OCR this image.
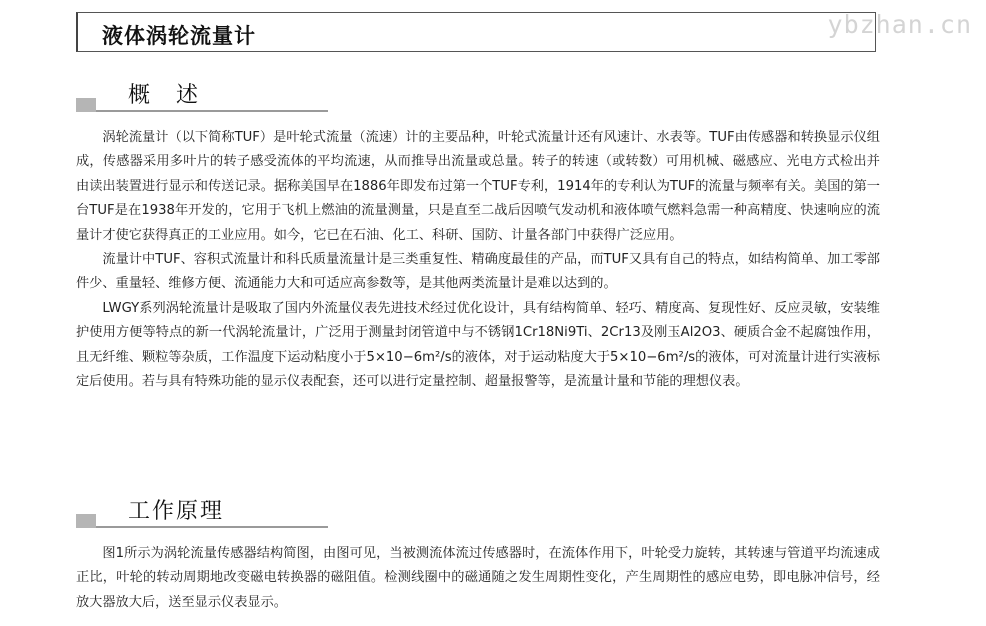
液体涡轮流量计	ybzhan.cn
概　述

涡轮流量计（以下简称TUF）是叶轮式流量（流速）计的主要品种，叶轮式流量计还有风速计、水表等。TUF由传感器和转换显示仪组成，传感器采用多叶片的转子感受流体的平均流速，从而推导出流量或总量。转子的转速（或转数）可用机械、磁感应、光电方式检出并由读出装置进行显示和传送记录。据称美国早在1886年即发布过第一个TUF专利，1914年的专利认为TUF的流量与频率有关。美国的第一台TUF是在1938年开发的，它用于飞机上燃油的流量测量，只是直至二战后因喷气发动机和液体喷气燃料急需一种高精度、快速响应的流量计才使它获得真正的工业应用。如今，它已在石油、化工、科研、国防、计量各部门中获得广泛应用。

流量计中TUF、容积式流量计和科氏质量流量计是三类重复性、精确度最佳的产品，而TUF又具有自己的特点，如结构简单、加工零部件少、重量轻、维修方便、流通能力大和可适应高参数等，是其他两类流量计是难以达到的。

LWGY系列涡轮流量计是吸取了国内外流量仪表先进技术经过优化设计，具有结构简单、轻巧、精度高、复现性好、反应灵敏，安装维护使用方便等特点的新一代涡轮流量计，广泛用于测量封闭管道中与不锈钢1Cr18Ni9Ti、2Cr13及刚玉Al2O3、硬质合金不起腐蚀作用，且无纤维、颗粒等杂质，工作温度下运动粘度小于5×10−6m²/s的液体，对于运动粘度大于5×10−6m²/s的液体，可对流量计进行实液标定后使用。若与具有特殊功能的显示仪表配套，还可以进行定量控制、超量报警等，是流量计量和节能的理想仪表。

工作原理

图1所示为涡轮流量传感器结构简图，由图可见，当被测流体流过传感器时，在流体作用下，叶轮受力旋转，其转速与管道平均流速成正比，叶轮的转动周期地改变磁电转换器的磁阻值。检测线圈中的磁通随之发生周期性变化，产生周期性的感应电势，即电脉冲信号，经放大器放大后，送至显示仪表显示。
